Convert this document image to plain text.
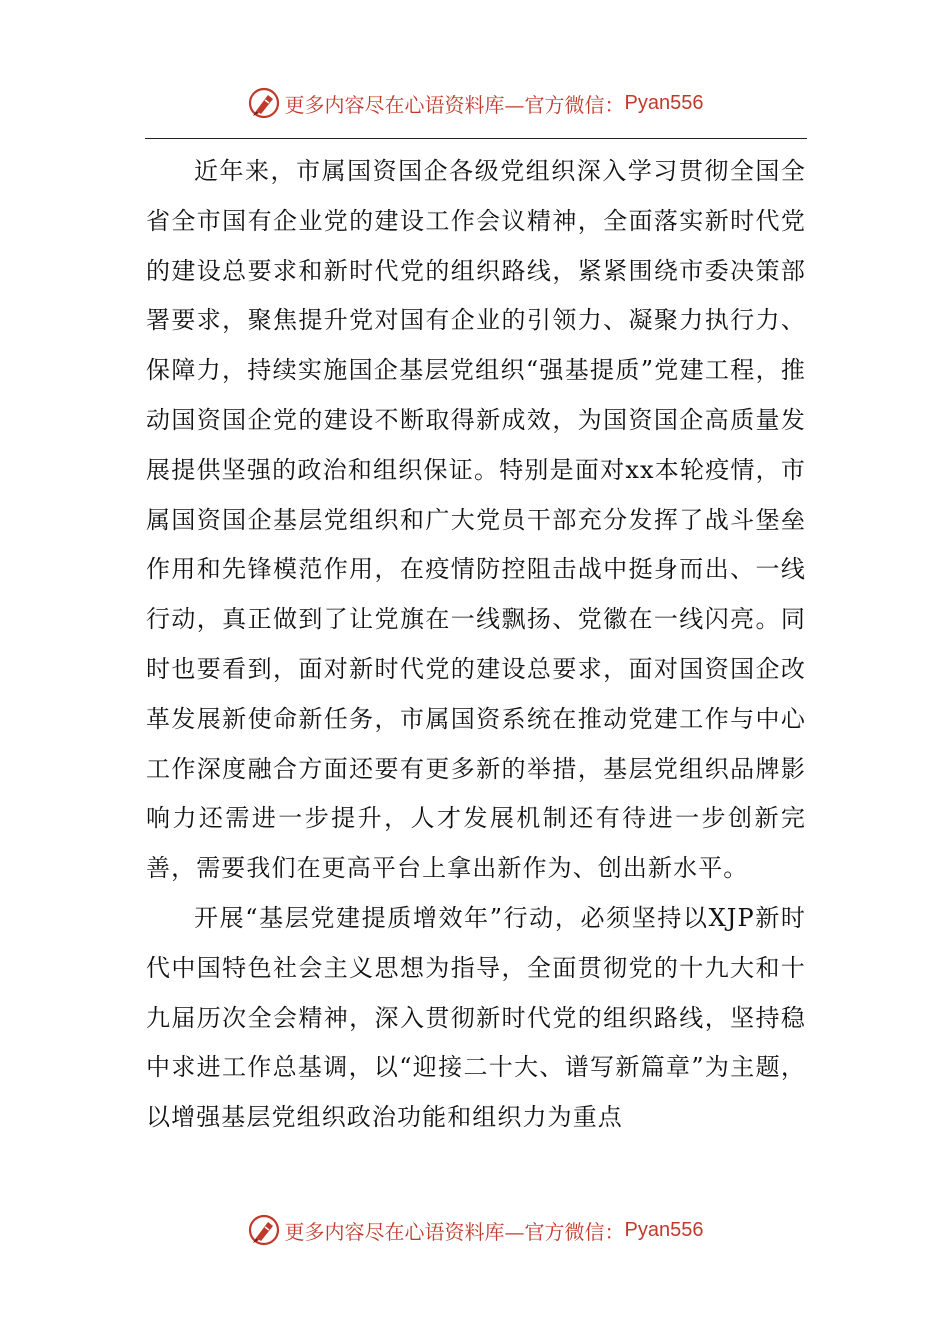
更多内容尽在心语资料库—官方微信： Pyan556

近年来，市属国资国企各级党组织深入学习贯彻全国全省全市国有企业党的建设工作会议精神，全面落实新时代党的建设总要求和新时代党的组织路线，紧紧围绕市委决策部署要求，聚焦提升党对国有企业的引领力、凝聚力执行力、保障力，持续实施国企基层党组织“强基提质”党建工程，推动国资国企党的建设不断取得新成效，为国资国企高质量发展提供坚强的政治和组织保证。特别是面对xx本轮疫情，市属国资国企基层党组织和广大党员干部充分发挥了战斗堡垒作用和先锋模范作用，在疫情防控阻击战中挺身而出、一线行动，真正做到了让党旗在一线飘扬、党徽在一线闪亮。同时也要看到，面对新时代党的建设总要求，面对国资国企改革发展新使命新任务，市属国资系统在推动党建工作与中心工作深度融合方面还要有更多新的举措，基层党组织品牌影响力还需进一步提升，人才发展机制还有待进一步创新完善，需要我们在更高平台上拿出新作为、创出新水平。

开展“基层党建提质增效年”行动，必须坚持以XJP新时代中国特色社会主义思想为指导，全面贯彻党的十九大和十九届历次全会精神，深入贯彻新时代党的组织路线，坚持稳中求进工作总基调，以“迎接二十大、谱写新篇章”为主题，以增强基层党组织政治功能和组织力为重点

更多内容尽在心语资料库—官方微信： Pyan556
